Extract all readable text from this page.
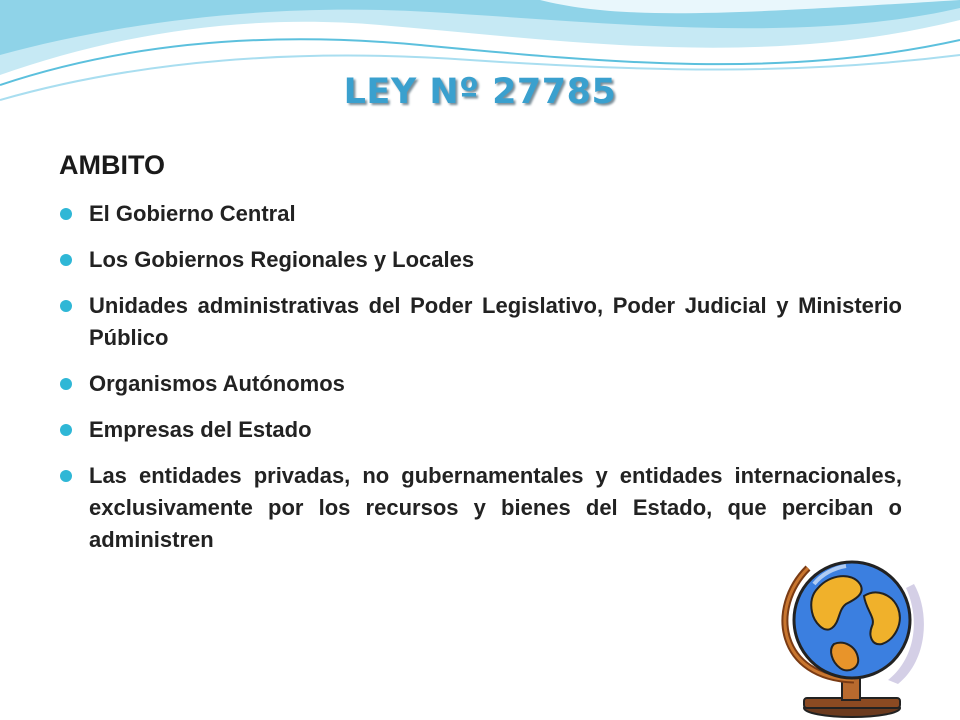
LEY Nº 27785
AMBITO
El Gobierno Central
Los Gobiernos Regionales y Locales
Unidades administrativas del Poder Legislativo, Poder Judicial y Ministerio Público
Organismos Autónomos
Empresas del Estado
Las entidades privadas, no gubernamentales y entidades internacionales, exclusivamente por los recursos y bienes del Estado, que perciban o administren
